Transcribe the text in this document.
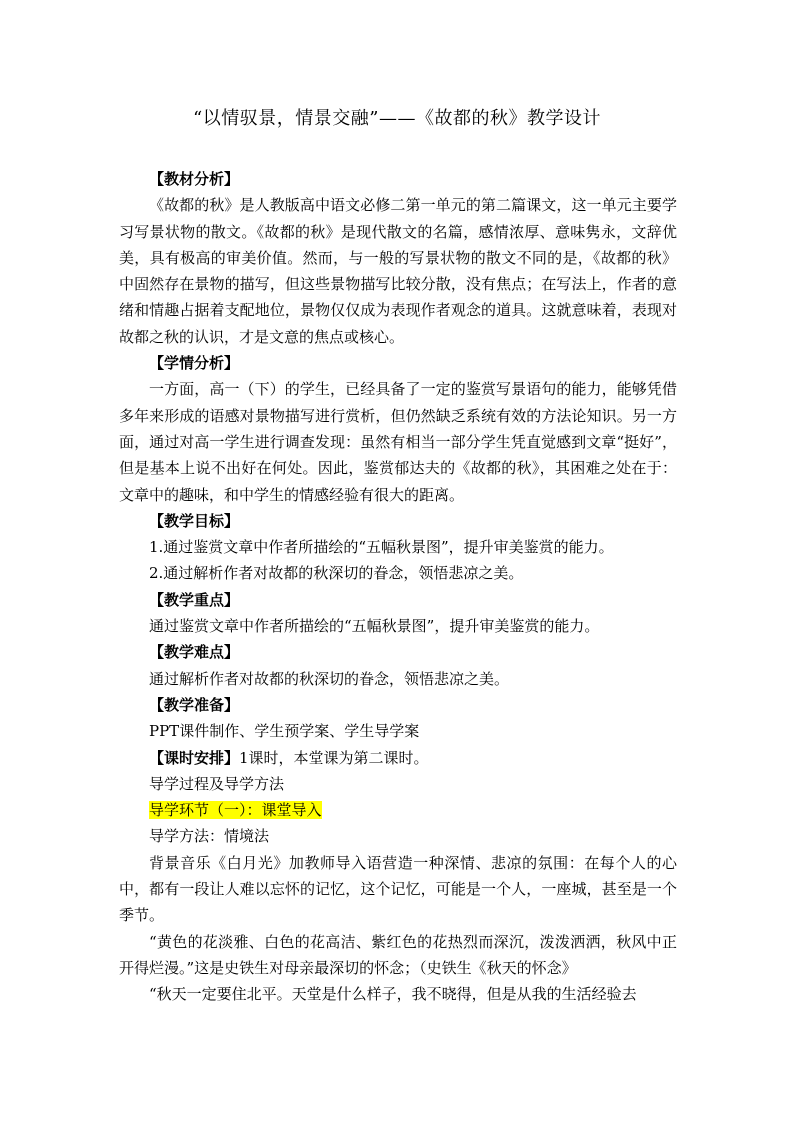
“以情驭景，情景交融”——《故都的秋》教学设计

【教材分析】

《故都的秋》是人教版高中语文必修二第一单元的第二篇课文，这一单元主要学习写景状物的散文。《故都的秋》是现代散文的名篇，感情浓厚、意味隽永，文辞优美，具有极高的审美价值。然而，与一般的写景状物的散文不同的是，《故都的秋》中固然存在景物的描写，但这些景物描写比较分散，没有焦点；在写法上，作者的意绪和情趣占据着支配地位，景物仅仅成为表现作者观念的道具。这就意味着，表现对故都之秋的认识，才是文意的焦点或核心。

【学情分析】

一方面，高一（下）的学生，已经具备了一定的鉴赏写景语句的能力，能够凭借多年来形成的语感对景物描写进行赏析，但仍然缺乏系统有效的方法论知识。另一方面，通过对高一学生进行调查发现：虽然有相当一部分学生凭直觉感到文章“挺好”，但是基本上说不出好在何处。因此，鉴赏郁达夫的《故都的秋》，其困难之处在于：文章中的趣味，和中学生的情感经验有很大的距离。

【教学目标】

1.通过鉴赏文章中作者所描绘的“五幅秋景图”，提升审美鉴赏的能力。

2.通过解析作者对故都的秋深切的眷念，领悟悲凉之美。

【教学重点】

通过鉴赏文章中作者所描绘的“五幅秋景图”，提升审美鉴赏的能力。

【教学难点】

通过解析作者对故都的秋深切的眷念，领悟悲凉之美。

【教学准备】

PPT课件制作、学生预学案、学生导学案

【课时安排】1课时，本堂课为第二课时。

导学过程及导学方法

导学环节（一）：课堂导入

导学方法：情境法

背景音乐《白月光》加教师导入语营造一种深情、悲凉的氛围：在每个人的心中，都有一段让人难以忘怀的记忆，这个记忆，可能是一个人，一座城，甚至是一个季节。

“黄色的花淡雅、白色的花高洁、紫红色的花热烈而深沉，泼泼洒洒，秋风中正开得烂漫。”这是史铁生对母亲最深切的怀念；（史铁生《秋天的怀念》

“秋天一定要住北平。天堂是什么样子，我不晓得，但是从我的生活经验去
